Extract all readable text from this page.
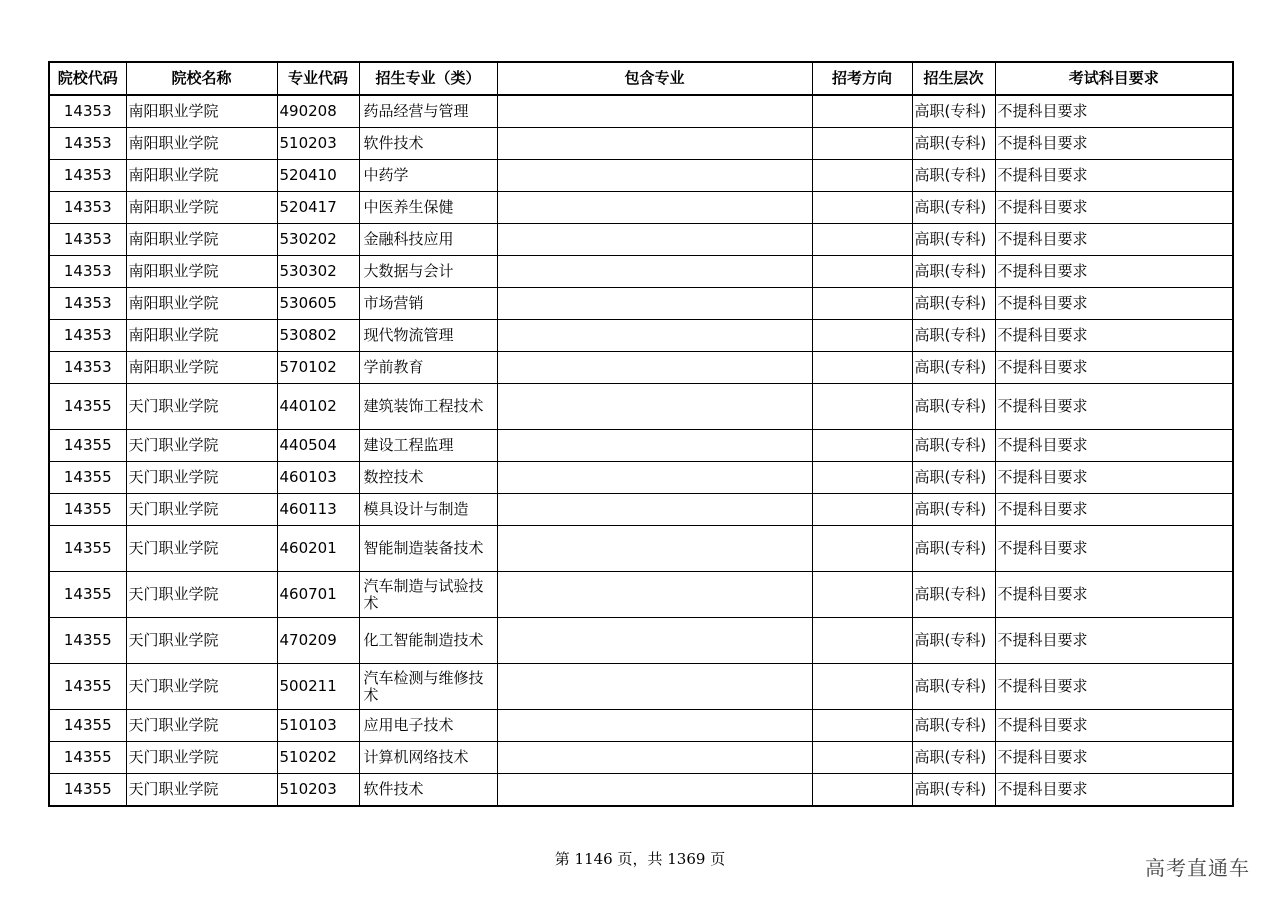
院校代码	院校名称	专业代码	招生专业（类）	包含专业	招考方向	招生层次	考试科目要求
14353	南阳职业学院	490208	药品经营与管理			高职(专科)	不提科目要求
14353	南阳职业学院	510203	软件技术			高职(专科)	不提科目要求
14353	南阳职业学院	520410	中药学			高职(专科)	不提科目要求
14353	南阳职业学院	520417	中医养生保健			高职(专科)	不提科目要求
14353	南阳职业学院	530202	金融科技应用			高职(专科)	不提科目要求
14353	南阳职业学院	530302	大数据与会计			高职(专科)	不提科目要求
14353	南阳职业学院	530605	市场营销			高职(专科)	不提科目要求
14353	南阳职业学院	530802	现代物流管理			高职(专科)	不提科目要求
14353	南阳职业学院	570102	学前教育			高职(专科)	不提科目要求
14355	天门职业学院	440102	建筑装饰工程技术			高职(专科)	不提科目要求
14355	天门职业学院	440504	建设工程监理			高职(专科)	不提科目要求
14355	天门职业学院	460103	数控技术			高职(专科)	不提科目要求
14355	天门职业学院	460113	模具设计与制造			高职(专科)	不提科目要求
14355	天门职业学院	460201	智能制造装备技术			高职(专科)	不提科目要求
14355	天门职业学院	460701	汽车制造与试验技术			高职(专科)	不提科目要求
14355	天门职业学院	470209	化工智能制造技术			高职(专科)	不提科目要求
14355	天门职业学院	500211	汽车检测与维修技术			高职(专科)	不提科目要求
14355	天门职业学院	510103	应用电子技术			高职(专科)	不提科目要求
14355	天门职业学院	510202	计算机网络技术			高职(专科)	不提科目要求
14355	天门职业学院	510203	软件技术			高职(专科)	不提科目要求
第 1146 页，共 1369 页	高考直通车
